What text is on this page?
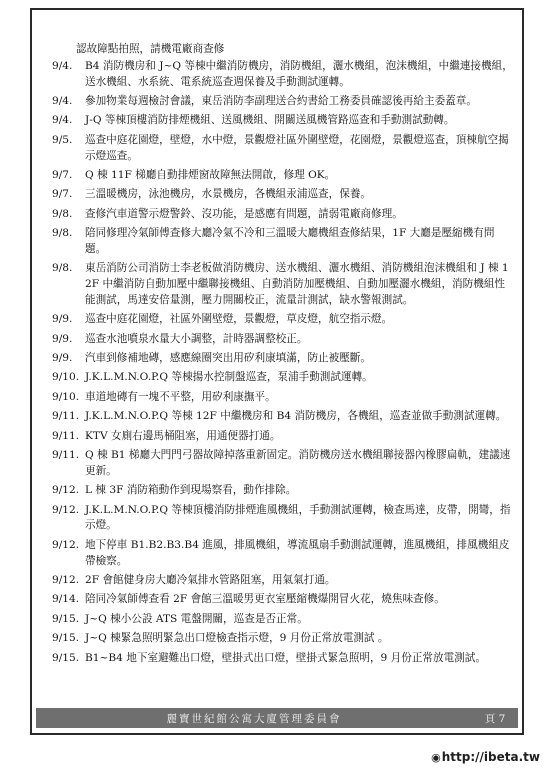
認故障點拍照，請機電廠商查修
9/4.	B4 消防機房和 J~Q 等棟中繼消防機房，消防機組，灑水機組，泡沫機組，中繼連接機組，送水機組、水系統、電系統巡查週保養及手動測試運轉。
9/4.	參加物業每週檢討會議，東岳消防李副理送合約書給工務委員確認後再給主委蓋章。
9/4.	J-Q 等棟頂樓消防排煙機組、送風機組、開關送風機管路巡查和手動測試動轉。
9/5.	巡查中庭花園燈，壁燈，水中燈，景觀燈社區外圍壁燈，花園燈，景觀燈巡查，頂棟航空揭示燈巡查。
9/7.	Q 棟 11F 梯廳自動排煙窗故障無法開啟，修理 OK。
9/7.	三溫暖機房，泳池機房，水景機房，各機組汞浦巡查，保養。
9/8.	查修汽車道警示燈警鈴、沒功能，是感應有問題，請弱電廠商修理。
9/8.	陪同修理冷氣師傅查修大廳冷氣不冷和三溫暖大廳機組查修結果，1F 大廳是壓縮機有問題。
9/8.	東岳消防公司消防士李老板做消防機房、送水機組、灑水機組、消防機組泡沫機組和 J 棟 12F 中繼消防自動加壓中繼聯接機組、自動消防加壓機組、自動加壓灑水機組，消防機組性能測試，馬達安倍量測，壓力開關校正，流量計測試，缺水警報測試。
9/9.	巡查中庭花園燈，社區外圍壁燈，景觀燈，草皮燈，航空指示燈。
9/9.	巡查水池噴泉水量大小調整，計時器調整校正。
9/9.	汽車到修補地磚，感應線圈突出用矽利康填滿，防止被壓斷。
9/10. J.K.L.M.N.O.P.Q 等棟揚水控制盤巡查，泵浦手動測試運轉。
9/10. 車道地磚有一塊不平整，用矽利康撫平。
9/11. J.K.L.M.N.O.P.Q 等棟 12F 中繼機房和 B4 消防機房，各機組，巡查並做手動測試運轉。
9/11. KTV 女廁右邊馬桶阻塞，用通便器打通。
9/11. Q 棟 B1 梯廳大門門弓器故障掉落重新固定。消防機房送水機組聯接器內橡膠扁軌，建議速更新。
9/12. L 棟 3F 消防箱動作到現場察看，動作排除。
9/12. J.K.L.M.N.O.P.Q 等棟頂樓消防排煙進風機組，手動測試運轉，檢查馬達，皮帶，開彎，指示燈。
9/12. 地下停車 B1.B2.B3.B4 進風，排風機組，導流風扇手動測試運轉，進風機組，排風機組皮帶檢察。
9/12. 2F 會館健身房大廳冷氣排水管路阻塞，用氣氣打通。
9/14. 陪同冷氣師傅查看 2F 會館三溫暖男更衣室壓縮機爆開冒火花，燒焦味查修。
9/15. J~Q 棟小公設 ATS 電盤開關，巡查是否正常。
9/15. J~Q 棟緊急照明緊急出口燈檢查指示燈，9 月份正常放電測試 。
9/15. B1~B4 地下室避難出口燈，壁掛式出口燈，壁掛式緊急照明，9 月份正常放電測試。
麗寶世紀館公寓大廈管理委員會	頁 7
◉http://ibeta.tw
